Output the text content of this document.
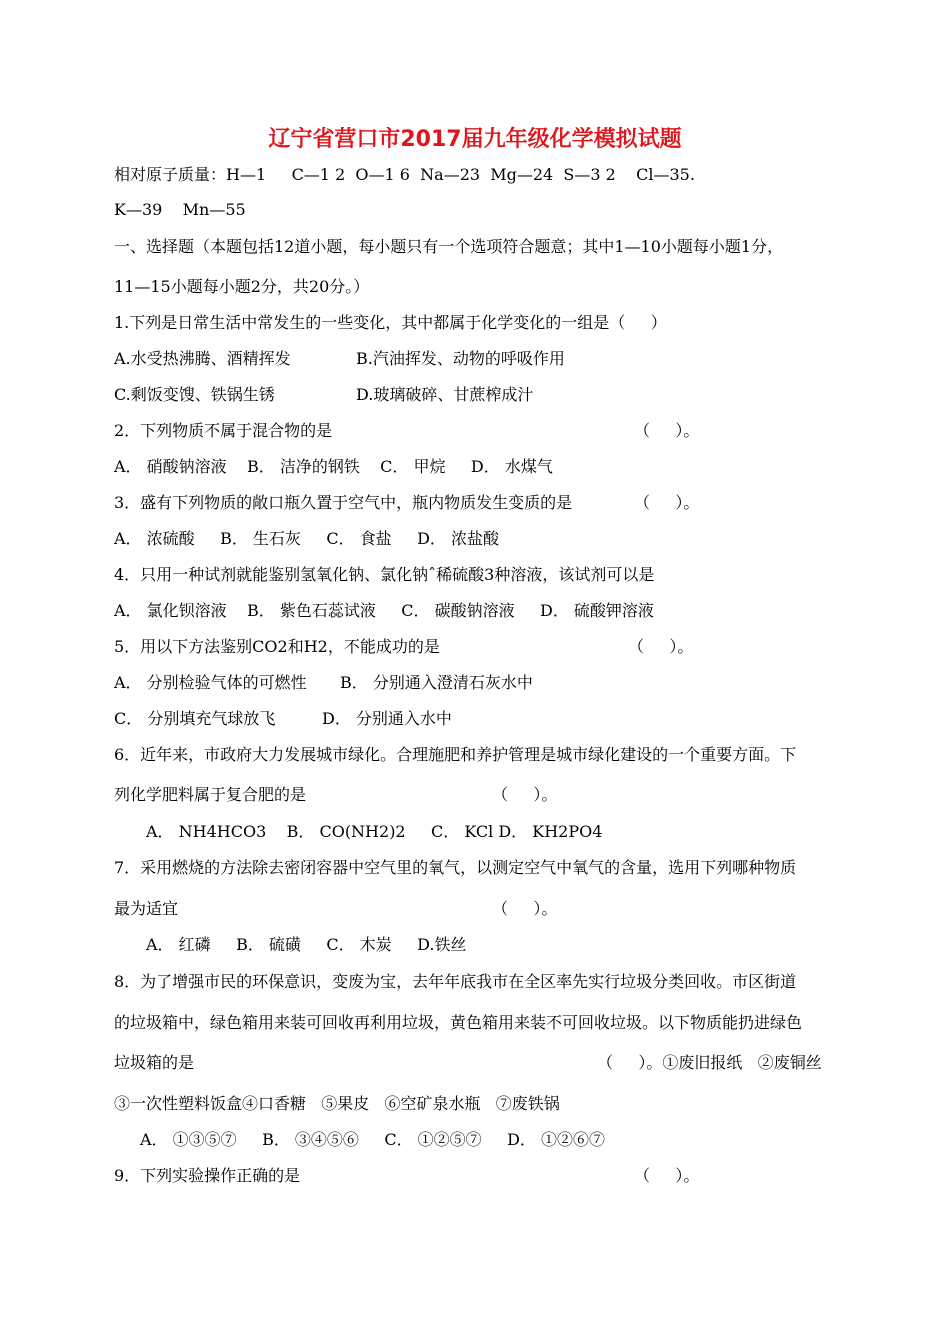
辽宁省营口市2017届九年级化学模拟试题
相对原子质量：H—1     C—1 2  O—1 6  Na—23  Mg—24  S—3 2    Cl—35.
K—39    Mn—55
一、选择题（本题包括12道小题，每小题只有一个选项符合题意；其中1—10小题每小题1分，
11—15小题每小题2分，共20分。）
1.下列是日常生活中常发生的一些变化，其中都属于化学变化的一组是（     ）
A.水受热沸腾、酒精挥发	B.汽油挥发、动物的呼吸作用
C.剩饭变馊、铁锅生锈	D.玻璃破碎、甘蔗榨成汁
2．下列物质不属于混合物的是	（     ）。
A． 硝酸钠溶液    B． 洁净的钢铁    C． 甲烷     D． 水煤气
3．盛有下列物质的敞口瓶久置于空气中，瓶内物质发生变质的是	（     ）。
A． 浓硫酸     B． 生石灰     C． 食盐     D． 浓盐酸
4．只用一种试剂就能鉴别氢氧化钠、氯化钠ˆ稀硫酸3种溶液，该试剂可以是
A． 氯化钡溶液    B． 紫色石蕊试液     C． 碳酸钠溶液     D． 硫酸钾溶液
5．用以下方法鉴别CO2和H2，不能成功的是	（     ）。
A． 分别检验气体的可燃性 B． 分别通入澄清石灰水中
C． 分别填充气球放飞	D． 分别通入水中
6．近年来，市政府大力发展城市绿化。合理施肥和养护管理是城市绿化建设的一个重要方面。下
列化学肥料属于复合肥的是	（     ）。
A． NH4HCO3    B． CO(NH2)2     C． KCl D． KH2PO4
7．采用燃烧的方法除去密闭容器中空气里的氧气，以测定空气中氧气的含量，选用下列哪种物质
最为适宜	（     ）。
A． 红磷     B． 硫磺     C． 木炭     D.铁丝
8．为了增强市民的环保意识，变废为宝，去年年底我市在全区率先实行垃圾分类回收。市区街道
的垃圾箱中，绿色箱用来装可回收再利用垃圾，黄色箱用来装不可回收垃圾。以下物质能扔进绿色
垃圾箱的是	（     ）。①废旧报纸   ②废铜丝
③一次性塑料饭盒④口香糖   ⑤果皮   ⑥空矿泉水瓶   ⑦废铁锅
A． ①③⑤⑦     B． ③④⑤⑥     C． ①②⑤⑦     D． ①②⑥⑦
9．下列实验操作正确的是	（     ）。
